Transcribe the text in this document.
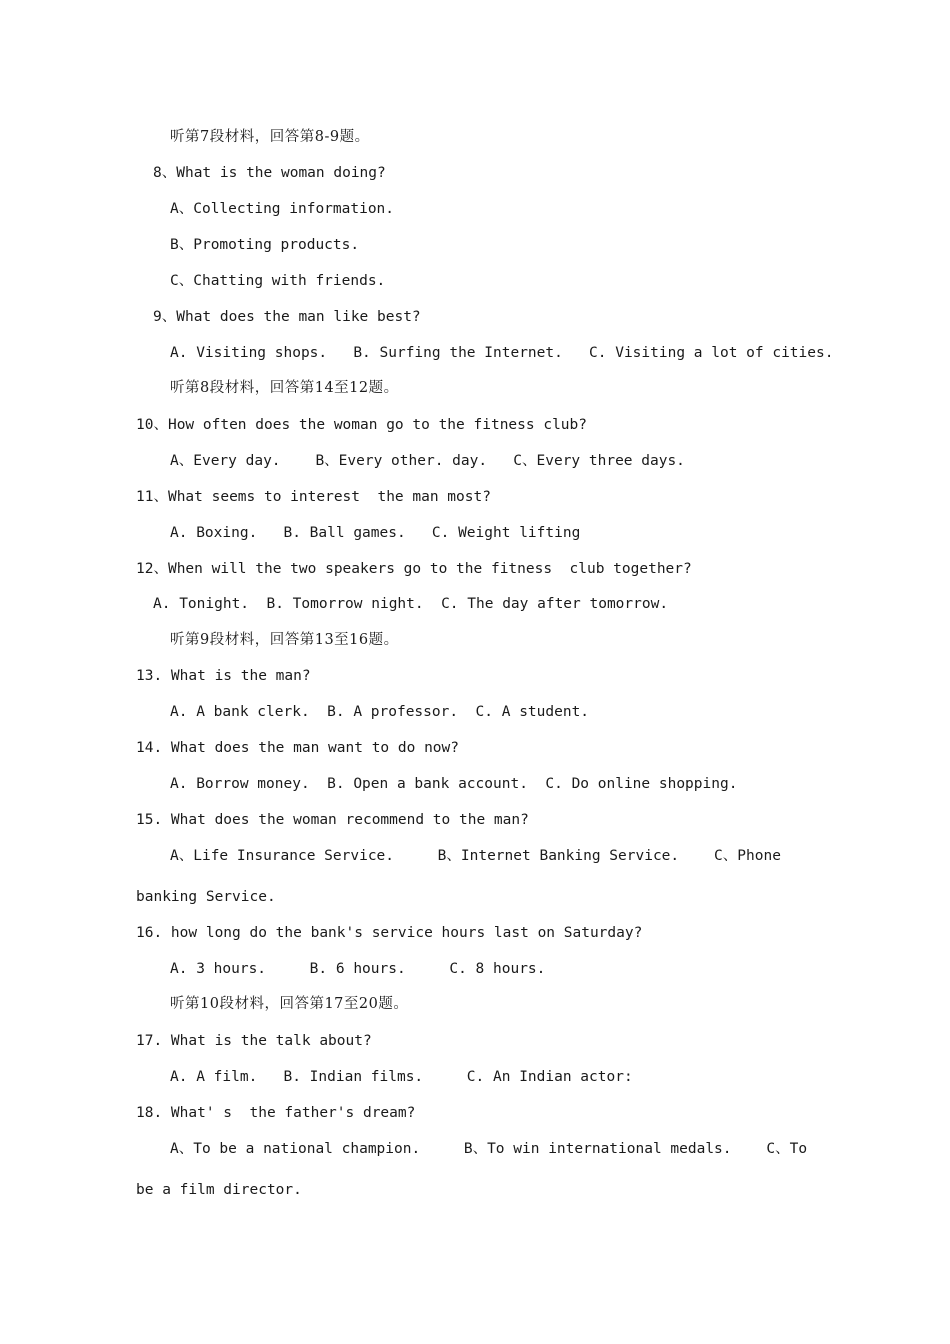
听第7段材料，回答第8-9题。
8、What is the woman doing?
A、Collecting information.
B、Promoting products.
C、Chatting with friends.
9、What does the man like best?
A. Visiting shops.   B. Surfing the Internet.   C. Visiting a lot of cities.
听第8段材料，回答第14至12题。
10、How often does the woman go to the fitness club?
A、Every day.    B、Every other. day.   C、Every three days.
11、What seems to interest  the man most?
A. Boxing.   B. Ball games.   C. Weight lifting
12、When will the two speakers go to the fitness  club together?
A. Tonight.  B. Tomorrow night.  C. The day after tomorrow.
听第9段材料，回答第13至16题。
13. What is the man?
A. A bank clerk.  B. A professor.  C. A student.
14. What does the man want to do now?
A. Borrow money.  B. Open a bank account.  C. Do online shopping.
15. What does the woman recommend to the man?
A、Life Insurance Service.     B、Internet Banking Service.    C、Phone
banking Service.
16. how long do the bank's service hours last on Saturday?
A. 3 hours.     B. 6 hours.     C. 8 hours.
听第10段材料，回答第17至20题。
17. What is the talk about?
A. A film.   B. Indian films.     C. An Indian actor:
18. What' s  the father's dream?
A、To be a national champion.     B、To win international medals.    C、To
be a film director.
